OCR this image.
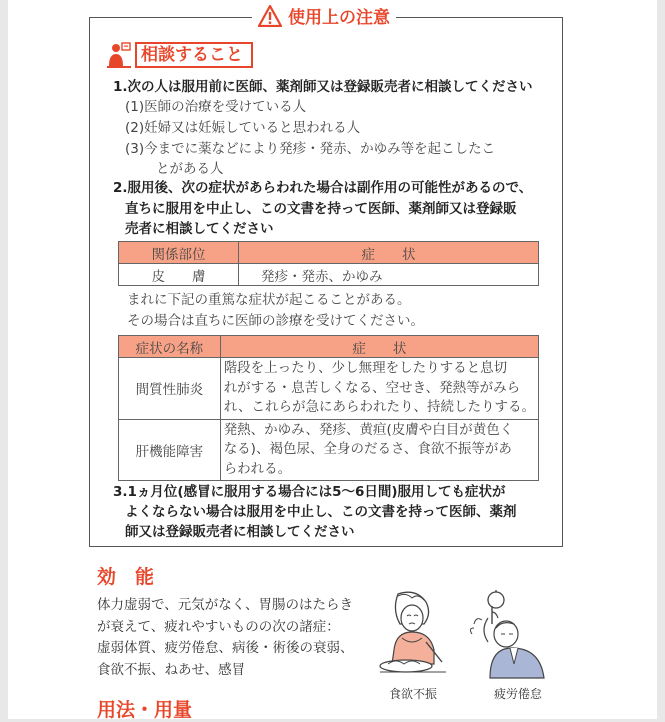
使用上の注意
相談すること
1.次の人は服用前に医師、薬剤師又は登録販売者に相談してください
(1)医師の治療を受けている人
(2)妊婦又は妊娠していると思われる人
(3)今までに薬などにより発疹・発赤、かゆみ等を起こしたこ
とがある人
2.服用後、次の症状があらわれた場合は副作用の可能性があるので、
直ちに服用を中止し、この文書を持って医師、薬剤師又は登録販
売者に相談してください
関係部位	症　　状
皮　　膚	発疹・発赤、かゆみ
まれに下記の重篤な症状が起こることがある。
その場合は直ちに医師の診療を受けてください。
症状の名称	症　　状
間質性肺炎	階段を上ったり、少し無理をしたりすると息切
れがする・息苦しくなる、空せき、発熱等がみら
れ、これらが急にあらわれたり、持続したりする。

肝機能障害	発熱、かゆみ、発疹、黄疸(皮膚や白目が黄色く
なる)、褐色尿、全身のだるさ、食欲不振等があ
らわれる。
3.1ヵ月位(感冒に服用する場合には5～6日間)服用しても症状が
よくならない場合は服用を中止し、この文書を持って医師、薬剤
師又は登録販売者に相談してください
効　能
体力虚弱で、元気がなく、胃腸のはたらき
が衰えて、疲れやすいものの次の諸症：
虚弱体質、疲労倦怠、病後・術後の衰弱、
食欲不振、ねあせ、感冒
食欲不振	疲労倦怠
用法・用量
